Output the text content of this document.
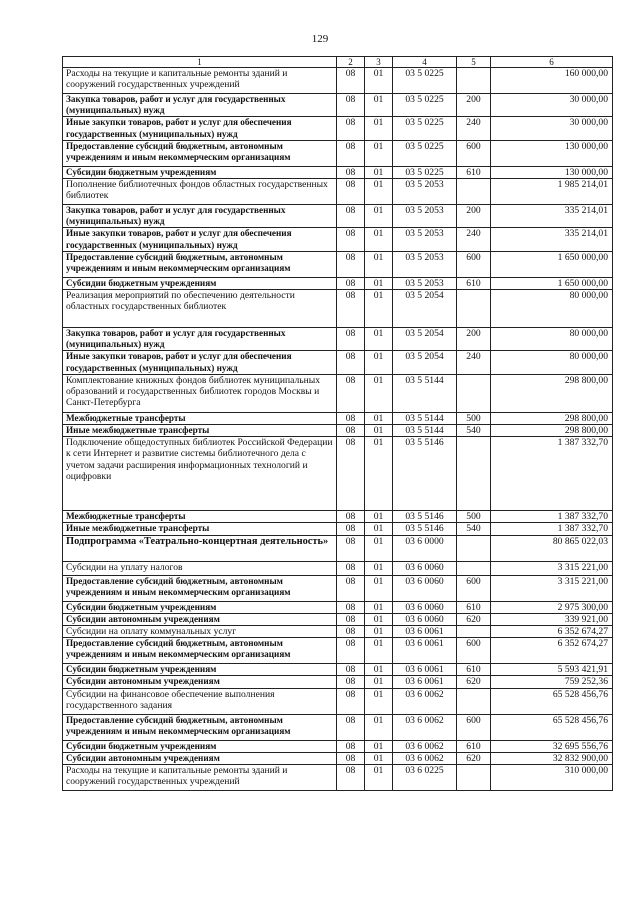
129
1	2	3	4	5	6
Расходы на текущие и капитальные ремонты зданий и сооружений государственных учреждений	08	01	03 5 0225		160 000,00
Закупка товаров, работ и услуг для государственных (муниципальных) нужд	08	01	03 5 0225	200	30 000,00
Иные закупки товаров, работ и услуг для обеспечения государственных (муниципальных) нужд	08	01	03 5 0225	240	30 000,00
Предоставление субсидий бюджетным, автономным учреждениям и иным некоммерческим организациям	08	01	03 5 0225	600	130 000,00
Субсидии бюджетным учреждениям	08	01	03 5 0225	610	130 000,00
Пополнение библиотечных фондов областных государственных библиотек	08	01	03 5 2053		1 985 214,01
Закупка товаров, работ и услуг для государственных (муниципальных) нужд	08	01	03 5 2053	200	335 214,01
Иные закупки товаров, работ и услуг для обеспечения государственных (муниципальных) нужд	08	01	03 5 2053	240	335 214,01
Предоставление субсидий бюджетным, автономным учреждениям и иным некоммерческим организациям	08	01	03 5 2053	600	1 650 000,00
Субсидии бюджетным учреждениям	08	01	03 5 2053	610	1 650 000,00
Реализация мероприятий по обеспечению деятельности областных государственных библиотек	08	01	03 5 2054		80 000,00
Закупка товаров, работ и услуг для государственных (муниципальных) нужд	08	01	03 5 2054	200	80 000,00
Иные закупки товаров, работ и услуг для обеспечения государственных (муниципальных) нужд	08	01	03 5 2054	240	80 000,00
Комплектование книжных фондов библиотек муниципальных образований и государственных библиотек городов Москвы и Санкт-Петербурга	08	01	03 5 5144		298 800,00
Межбюджетные трансферты	08	01	03 5 5144	500	298 800,00
Иные межбюджетные трансферты	08	01	03 5 5144	540	298 800,00
Подключение общедоступных библиотек Российской Федерации к сети Интернет и развитие системы библиотечного дела с учетом задачи расширения информационных технологий и оцифровки	08	01	03 5 5146		1 387 332,70
Межбюджетные трансферты	08	01	03 5 5146	500	1 387 332,70
Иные межбюджетные трансферты	08	01	03 5 5146	540	1 387 332,70
Подпрограмма «Театрально-концертная деятельность»	08	01	03 6 0000		80 865 022,03
Субсидии на уплату налогов	08	01	03 6 0060		3 315 221,00
Предоставление субсидий бюджетным, автономным учреждениям и иным некоммерческим организациям	08	01	03 6 0060	600	3 315 221,00
Субсидии бюджетным учреждениям	08	01	03 6 0060	610	2 975 300,00
Субсидии автономным учреждениям	08	01	03 6 0060	620	339 921,00
Субсидии на оплату коммунальных услуг	08	01	03 6 0061		6 352 674,27
Предоставление субсидий бюджетным, автономным учреждениям и иным некоммерческим организациям	08	01	03 6 0061	600	6 352 674,27
Субсидии бюджетным учреждениям	08	01	03 6 0061	610	5 593 421,91
Субсидии автономным учреждениям	08	01	03 6 0061	620	759 252,36
Субсидии на финансовое обеспечение выполнения государственного задания	08	01	03 6 0062		65 528 456,76
Предоставление субсидий бюджетным, автономным учреждениям и иным некоммерческим организациям	08	01	03 6 0062	600	65 528 456,76
Субсидии бюджетным учреждениям	08	01	03 6 0062	610	32 695 556,76
Субсидии автономным учреждениям	08	01	03 6 0062	620	32 832 900,00
Расходы на текущие и капитальные ремонты зданий и сооружений государственных учреждений	08	01	03 6 0225		310 000,00
